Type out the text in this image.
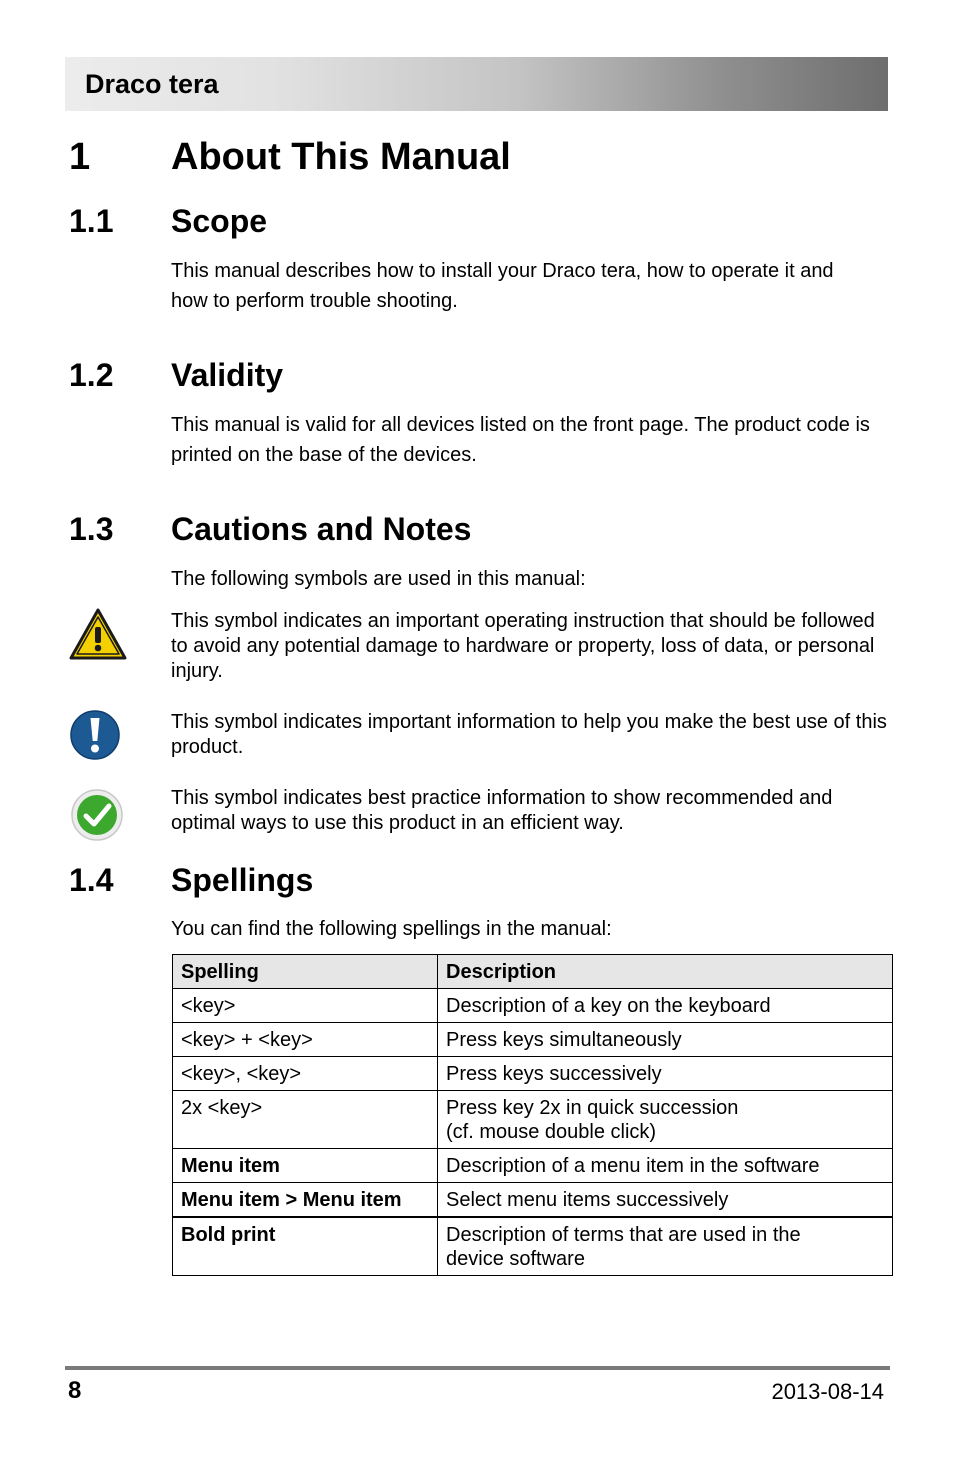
Draco tera
1 About This Manual
1.1 Scope
This manual describes how to install your Draco tera, how to operate it and how to perform trouble shooting.
1.2 Validity
This manual is valid for all devices listed on the front page. The product code is printed on the base of the devices.
1.3 Cautions and Notes
The following symbols are used in this manual:
This symbol indicates an important operating instruction that should be followed to avoid any potential damage to hardware or property, loss of data, or personal injury.
This symbol indicates important information to help you make the best use of this product.
This symbol indicates best practice information to show recommended and optimal ways to use this product in an efficient way.
1.4 Spellings
You can find the following spellings in the manual:
Spelling	Description
<key>	Description of a key on the keyboard
<key> + <key>	Press keys simultaneously
<key>, <key>	Press keys successively
2x <key>	Press key 2x in quick succession
(cf. mouse double click)
Menu item	Description of a menu item in the software
Menu item > Menu item	Select menu items successively
Bold print	Description of terms that are used in the
device software
8	2013-08-14
